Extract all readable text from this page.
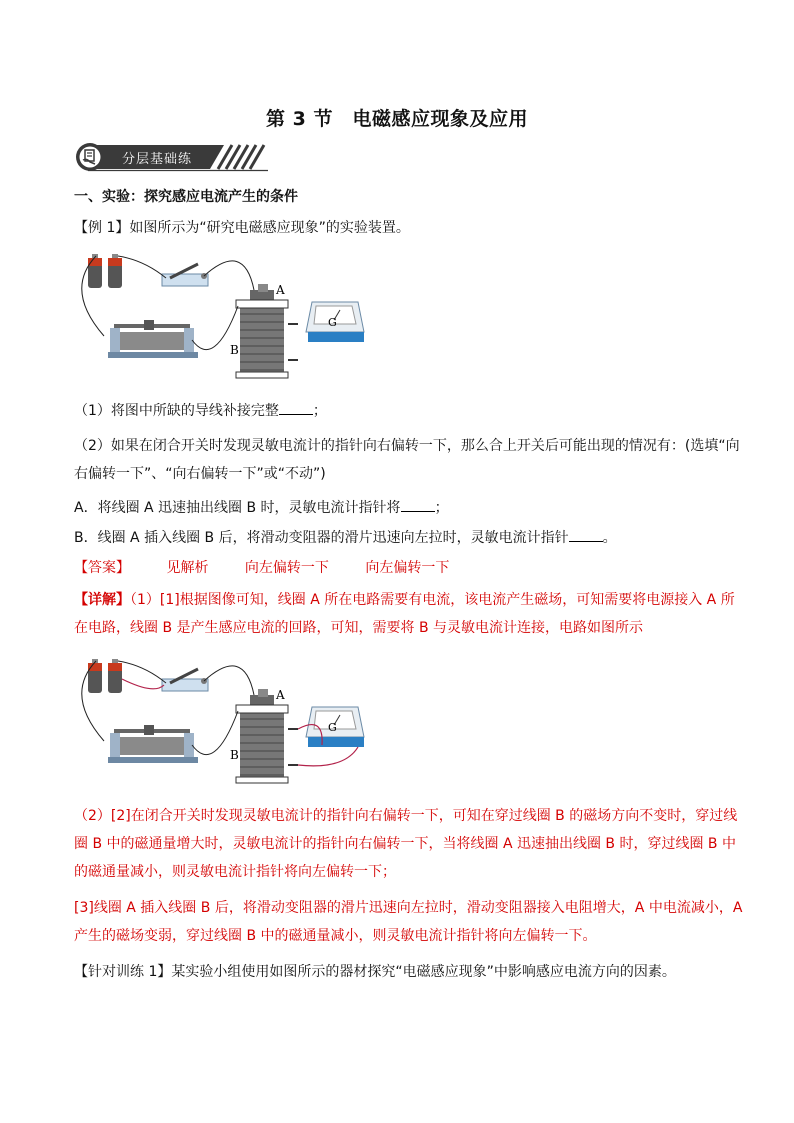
第 3 节　电磁感应现象及应用
分层基础练
一、实验：探究感应电流产生的条件
【例 1】如图所示为“研究电磁感应现象”的实验装置。
A
B
G
（1）将图中所缺的导线补接完整 ；
（2）如果在闭合开关时发现灵敏电流计的指针向右偏转一下，那么合上开关后可能出现的情况有：(选填“向
右偏转一下”、“向右偏转一下”或“不动”)
A．将线圈 A 迅速抽出线圈 B 时，灵敏电流计指针将 ；
B．线圈 A 插入线圈 B 后，将滑动变阻器的滑片迅速向左拉时，灵敏电流计指针 。
【答案】	见解析	向左偏转一下	向左偏转一下
【详解】（1）[1]根据图像可知，线圈 A 所在电路需要有电流，该电流产生磁场，可知需要将电源接入 A 所
在电路，线圈 B 是产生感应电流的回路，可知，需要将 B 与灵敏电流计连接，电路如图所示
A
B
G
（2）[2]在闭合开关时发现灵敏电流计的指针向右偏转一下，可知在穿过线圈 B 的磁场方向不变时，穿过线
圈 B 中的磁通量增大时，灵敏电流计的指针向右偏转一下，当将线圈 A 迅速抽出线圈 B 时，穿过线圈 B 中
的磁通量减小，则灵敏电流计指针将向左偏转一下；
[3]线圈 A 插入线圈 B 后，将滑动变阻器的滑片迅速向左拉时，滑动变阻器接入电阻增大，A 中电流减小，A
产生的磁场变弱，穿过线圈 B 中的磁通量减小，则灵敏电流计指针将向左偏转一下。
【针对训练 1】某实验小组使用如图所示的器材探究“电磁感应现象”中影响感应电流方向的因素。
